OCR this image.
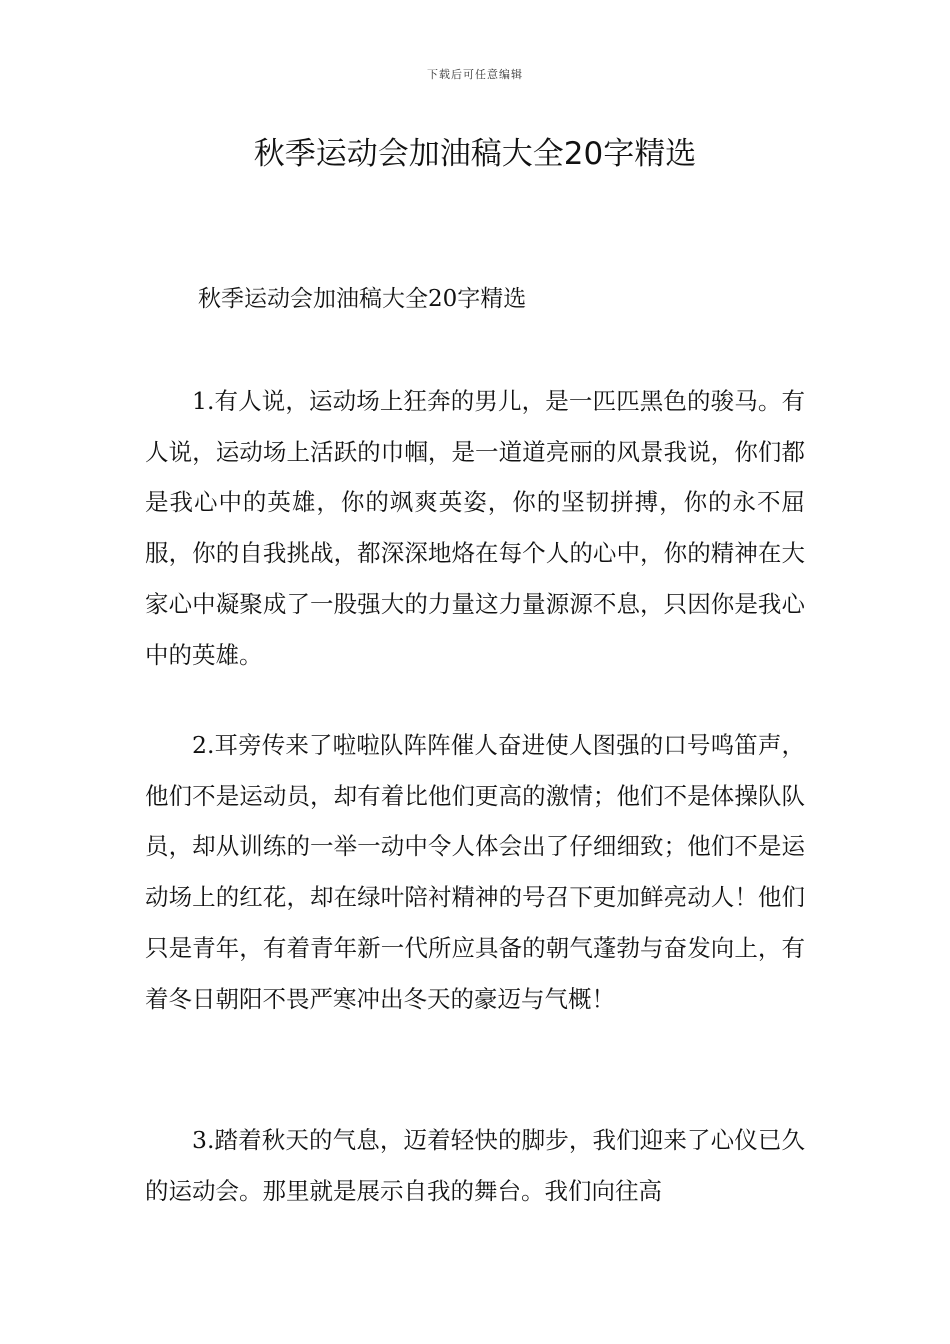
下载后可任意编辑
秋季运动会加油稿大全20字精选

秋季运动会加油稿大全20字精选

1.有人说，运动场上狂奔的男儿，是一匹匹黑色的骏马。有人说，运动场上活跃的巾帼，是一道道亮丽的风景我说，你们都是我心中的英雄，你的飒爽英姿，你的坚韧拼搏，你的永不屈服，你的自我挑战，都深深地烙在每个人的心中，你的精神在大家心中凝聚成了一股强大的力量这力量源源不息，只因你是我心中的英雄。

2.耳旁传来了啦啦队阵阵催人奋进使人图强的口号鸣笛声，他们不是运动员，却有着比他们更高的激情；他们不是体操队队员，却从训练的一举一动中令人体会出了仔细细致；他们不是运动场上的红花，却在绿叶陪衬精神的号召下更加鲜亮动人！他们只是青年，有着青年新一代所应具备的朝气蓬勃与奋发向上，有着冬日朝阳不畏严寒冲出冬天的豪迈与气概！

3.踏着秋天的气息，迈着轻快的脚步，我们迎来了心仪已久的运动会。那里就是展示自我的舞台。我们向往高
